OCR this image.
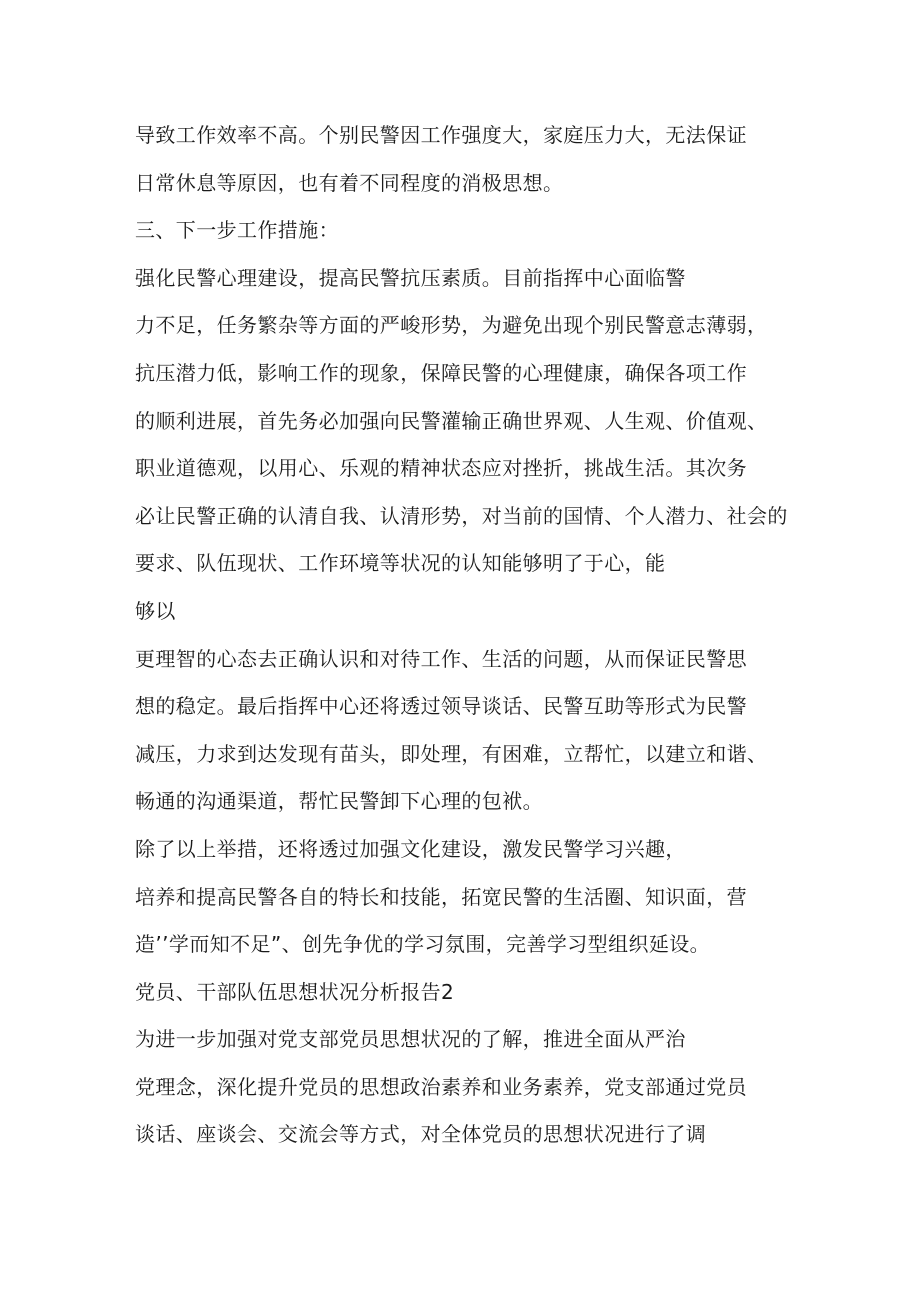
导致工作效率不高。个别民警因工作强度大，家庭压力大，无法保证
日常休息等原因，也有着不同程度的消极思想。
三、下一步工作措施：
强化民警心理建设，提高民警抗压素质。目前指挥中心面临警
力不足，任务繁杂等方面的严峻形势，为避免出现个别民警意志薄弱，
抗压潜力低，影响工作的现象，保障民警的心理健康，确保各项工作
的顺利进展，首先务必加强向民警灌输正确世界观、人生观、价值观、
职业道德观，以用心、乐观的精神状态应对挫折，挑战生活。其次务
必让民警正确的认清自我、认清形势，对当前的国情、个人潜力、社会的
要求、队伍现状、工作环境等状况的认知能够明了于心，能
够以
更理智的心态去正确认识和对待工作、生活的问题，从而保证民警思
想的稳定。最后指挥中心还将透过领导谈话、民警互助等形式为民警
减压，力求到达发现有苗头，即处理，有困难，立帮忙，以建立和谐、
畅通的沟通渠道，帮忙民警卸下心理的包袱。
除了以上举措，还将透过加强文化建设，激发民警学习兴趣，
培养和提高民警各自的特长和技能，拓宽民警的生活圈、知识面，营
造’’学而知不足”、创先争优的学习氛围，完善学习型组织延设。
党员、干部队伍思想状况分析报告2
为进一步加强对党支部党员思想状况的了解，推进全面从严治
党理念，深化提升党员的思想政治素养和业务素养，党支部通过党员
谈话、座谈会、交流会等方式，对全体党员的思想状况进行了调
